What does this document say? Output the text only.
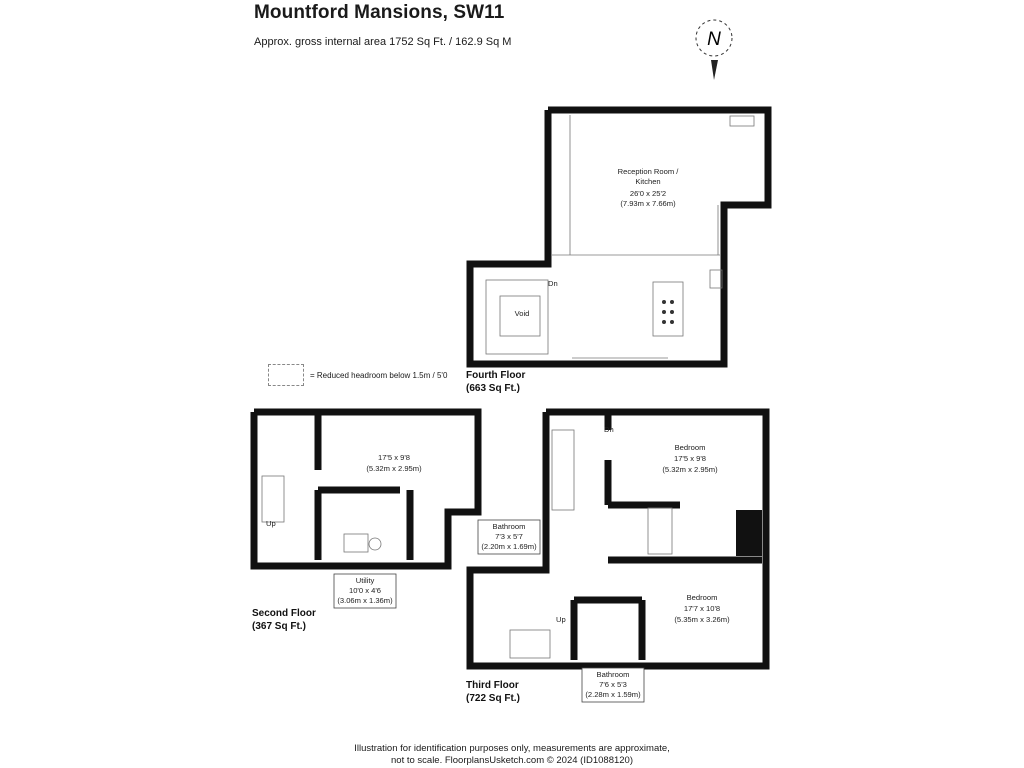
Mountford Mansions, SW11
Approx. gross internal area 1752 Sq Ft. / 162.9 Sq M
= Reduced headroom below 1.5m / 5'0
N
Reception Room /
Kitchen
26'0 x 25'2
(7.93m x 7.66m)
Void
Dn
Fourth Floor
(663 Sq Ft.)
17'5 x 9'8
(5.32m x 2.95m)
Up
Utility
10'0 x 4'6
(3.06m x 1.36m)
Second Floor
(367 Sq Ft.)
Bedroom
17'5 x 9'8
(5.32m x 2.95m)
Bedroom
17'7 x 10'8
(5.35m x 3.26m)
Dn
Up
Bathroom
7'3 x 5'7
(2.20m x 1.69m)
Bathroom
7'6 x 5'3
(2.28m x 1.59m)
Third Floor
(722 Sq Ft.)
Illustration for identification purposes only, measurements are approximate,
not to scale. FloorplansUsketch.com © 2024 (ID1088120)
